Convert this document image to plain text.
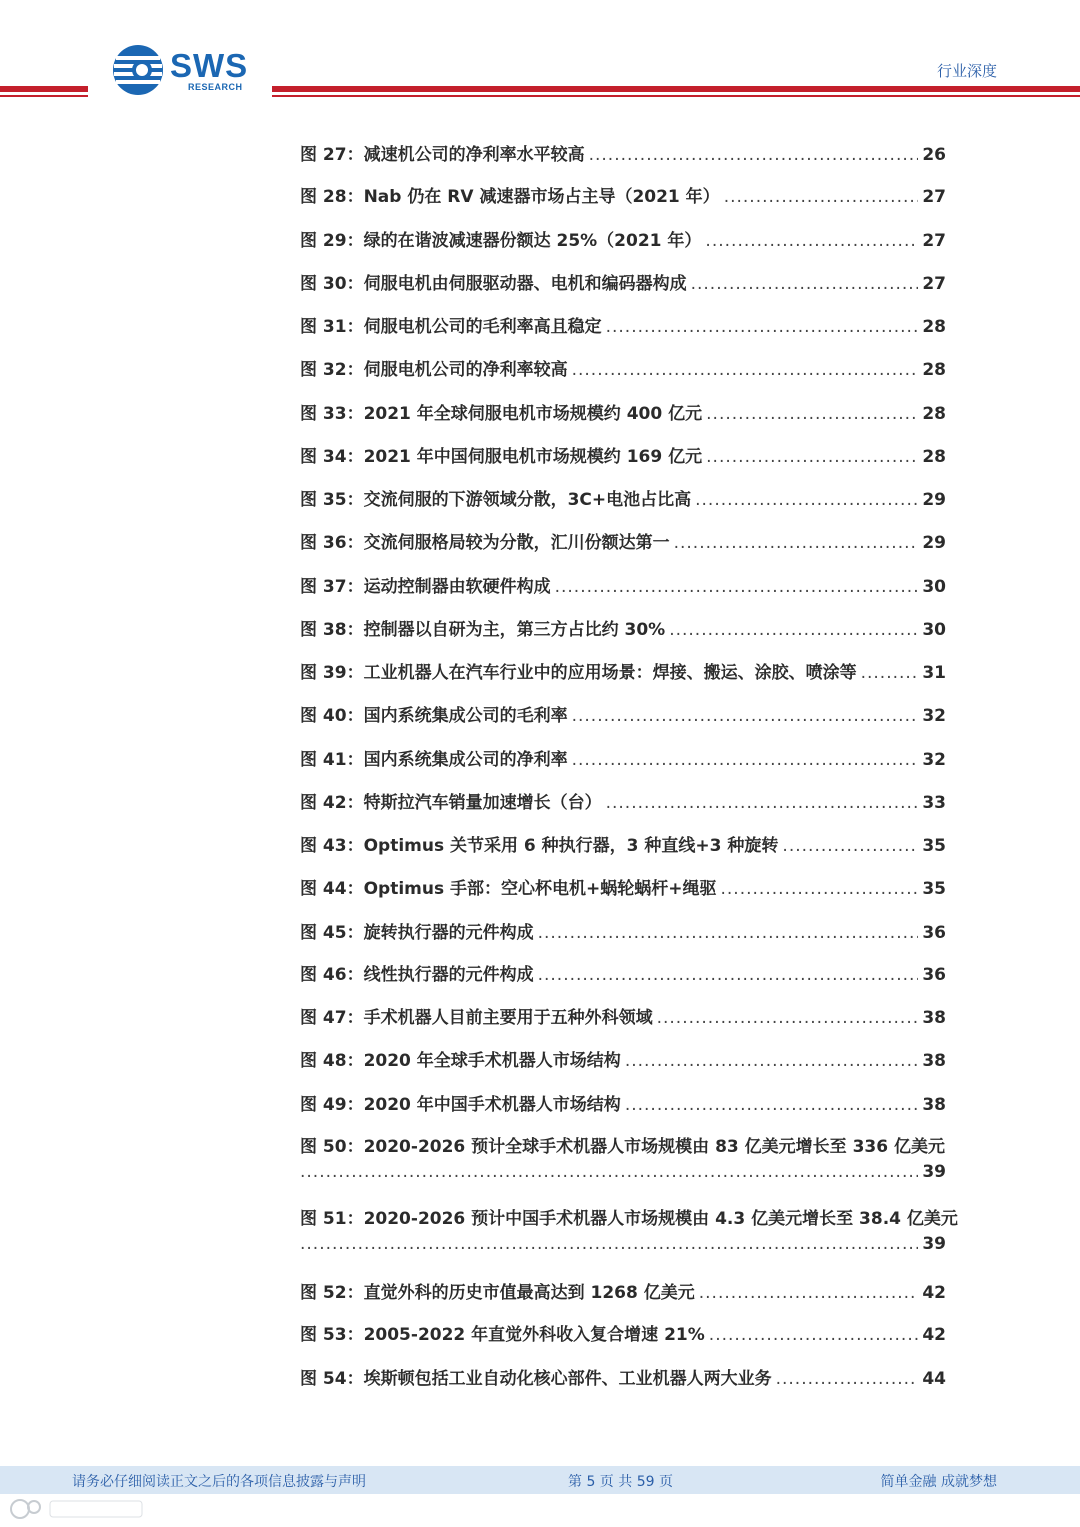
SWS
RESEARCH
行业深度
图 27：减速机公司的净利率水平较高 .....	26
图 28：Nab 仍在 RV 减速器市场占主导（2021 年） .....	27
图 29：绿的在谐波减速器份额达 25%（2021 年） .....	27
图 30：伺服电机由伺服驱动器、电机和编码器构成 .....	27
图 31：伺服电机公司的毛利率高且稳定 .....	28
图 32：伺服电机公司的净利率较高 .....	28
图 33：2021 年全球伺服电机市场规模约 400 亿元 .....	28
图 34：2021 年中国伺服电机市场规模约 169 亿元 .....	28
图 35：交流伺服的下游领域分散，3C+电池占比高 .....	29
图 36：交流伺服格局较为分散，汇川份额达第一 .....	29
图 37：运动控制器由软硬件构成 .....	30
图 38：控制器以自研为主，第三方占比约 30% .....	30
图 39：工业机器人在汽车行业中的应用场景：焊接、搬运、涂胶、喷涂等 .....	31
图 40：国内系统集成公司的毛利率 .....	32
图 41：国内系统集成公司的净利率 .....	32
图 42：特斯拉汽车销量加速增长（台） .....	33
图 43：Optimus 关节采用 6 种执行器，3 种直线+3 种旋转 .....	35
图 44：Optimus 手部：空心杯电机+蜗轮蜗杆+绳驱 .....	35
图 45：旋转执行器的元件构成 .....	36
图 46：线性执行器的元件构成 .....	36
图 47：手术机器人目前主要用于五种外科领域 .....	38
图 48：2020 年全球手术机器人市场结构 .....	38
图 49：2020 年中国手术机器人市场结构 .....	38
图 50：2020-2026 预计全球手术机器人市场规模由 83 亿美元增长至 336 亿美元
.....
39
图 51：2020-2026 预计中国手术机器人市场规模由 4.3 亿美元增长至 38.4 亿美元
.....
39
图 52：直觉外科的历史市值最高达到 1268 亿美元 .....	42
图 53：2005-2022 年直觉外科收入复合增速 21% .....	42
图 54：埃斯顿包括工业自动化核心部件、工业机器人两大业务 .....	44
请务必仔细阅读正文之后的各项信息披露与声明	第 5 页 共 59 页	简单金融 成就梦想
